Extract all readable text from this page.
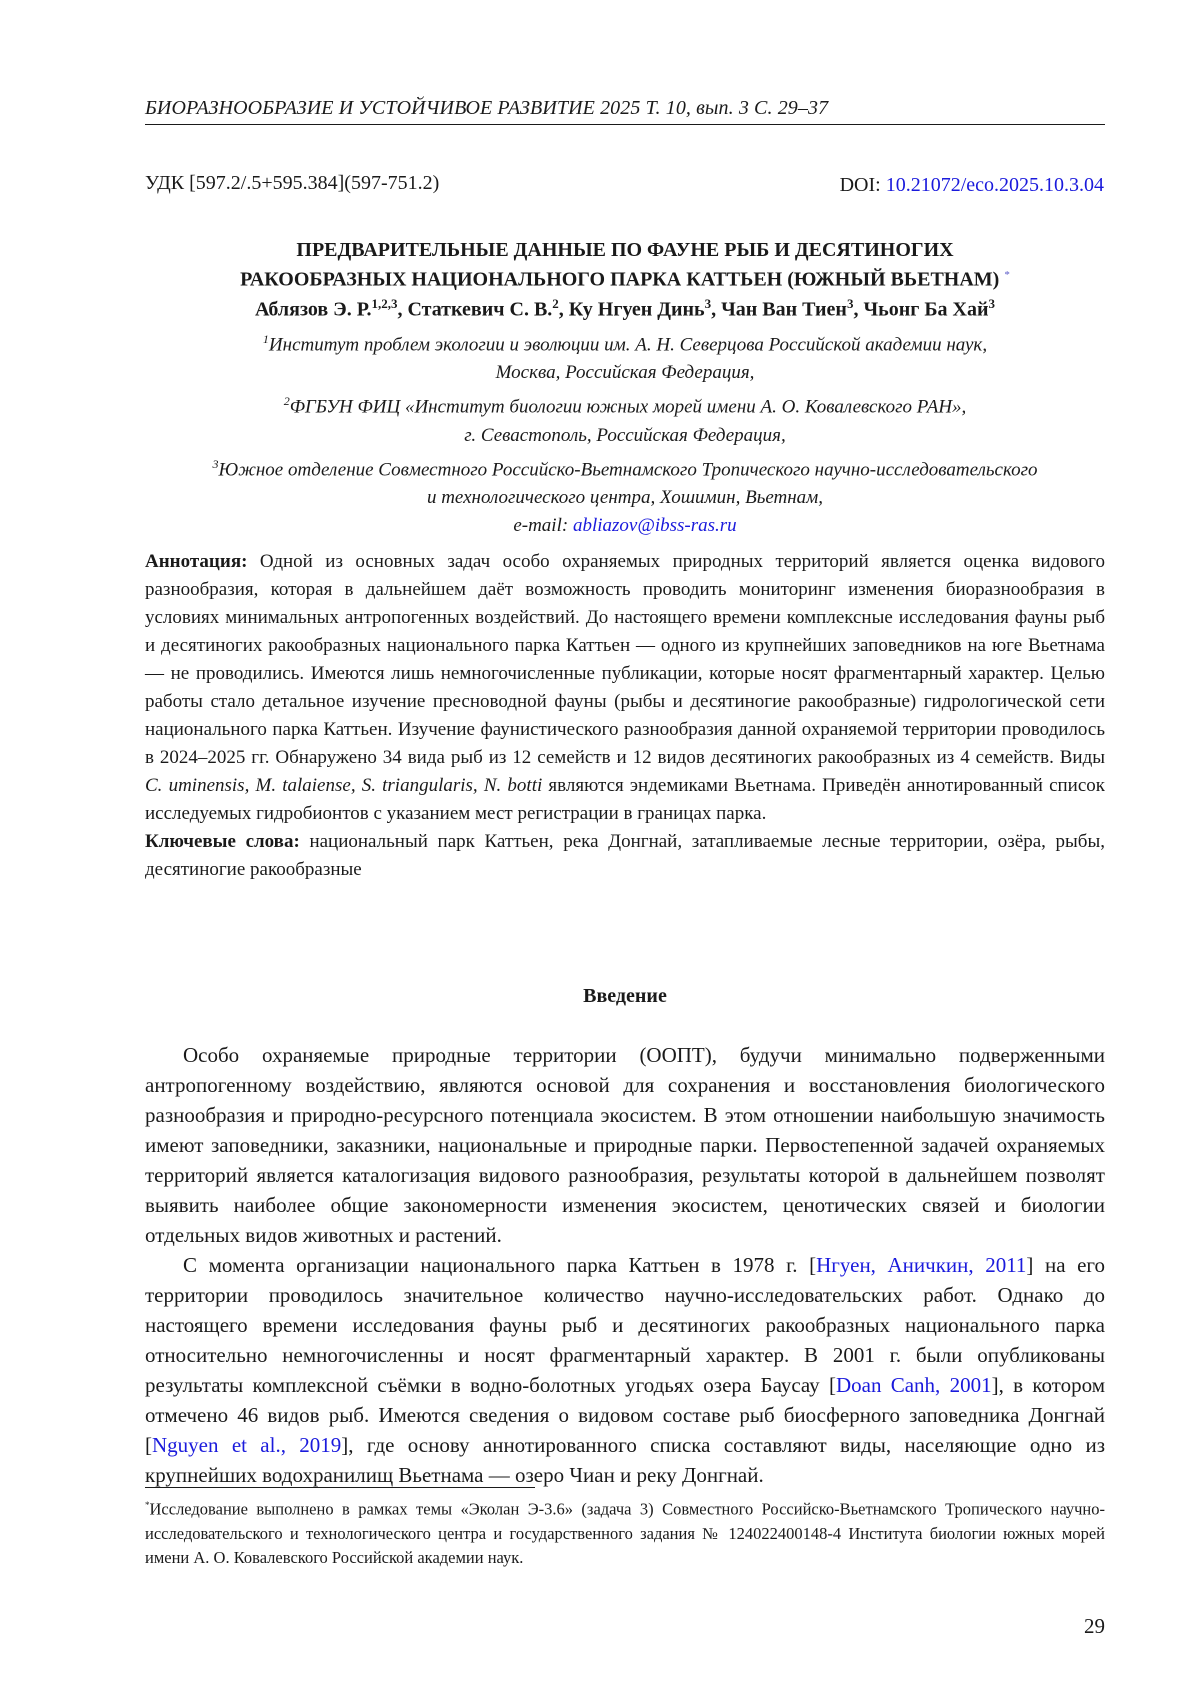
БИОРАЗНООБРАЗИЕ И УСТОЙЧИВОЕ РАЗВИТИЕ 2025 Т. 10, вып. 3 С. 29–37
УДК [597.2/.5+595.384](597-751.2)	DOI: 10.21072/eco.2025.10.3.04
ПРЕДВАРИТЕЛЬНЫЕ ДАННЫЕ ПО ФАУНЕ РЫБ И ДЕСЯТИНОГИХ
РАКООБРАЗНЫХ НАЦИОНАЛЬНОГО ПАРКА КАТТЬЕН (ЮЖНЫЙ ВЬЕТНАМ) *
Аблязов Э. Р.$^{1,2,3}$, Статкевич С. В.$^2$, Ку Нгуен Динь$^3$, Чан Ван Тиен$^3$, Чьонг Ба Хай$^3$
$^1$Институт проблем экологии и эволюции им. А. Н. Северцова Российской академии наук,
Москва, Российская Федерация,
$^2$ФГБУН ФИЦ «Институт биологии южных морей имени А. О. Ковалевского РАН»,
г. Севастополь, Российская Федерация,
$^3$Южное отделение Совместного Российско-Вьетнамского Тропического научно-исследовательского
и технологического центра, Хошимин, Вьетнам,
e-mail: abliazov@ibss-ras.ru

Аннотация: Одной из основных задач особо охраняемых природных территорий является оценка видового разнообразия, которая в дальнейшем даёт возможность проводить мониторинг изменения биоразнообразия в условиях минимальных антропогенных воздействий. До настоящего времени комплексные исследования фауны рыб и десятиногих ракообразных национального парка Каттьен — одного из крупнейших заповедников на юге Вьетнама — не проводились. Имеются лишь немногочисленные публикации, которые носят фрагментарный характер. Целью работы стало детальное изучение пресноводной фауны (рыбы и десятиногие ракообразные) гидрологической сети национального парка Каттьен. Изучение фаунистического разнообразия данной охраняемой территории проводилось в 2024–2025 гг. Обнаружено 34 вида рыб из 12 семейств и 12 видов десятиногих ракообразных из 4 семейств. Виды C. uminensis, M. talaiense, S. triangularis, N. botti являются эндемиками Вьетнама. Приведён аннотированный список исследуемых гидробионтов с указанием мест регистрации в границах парка.

Ключевые слова: национальный парк Каттьен, река Донгнай, затапливаемые лесные территории, озёра, рыбы, десятиногие ракообразные

Введение

Особо охраняемые природные территории (ООПТ), будучи минимально подверженными антропогенному воздействию, являются основой для сохранения и восстановления биологического разнообразия и природно-ресурсного потенциала экосистем. В этом отношении наибольшую значимость имеют заповедники, заказники, национальные и природные парки. Первостепенной задачей охраняемых территорий является каталогизация видового разнообразия, результаты которой в дальнейшем позволят выявить наиболее общие закономерности изменения экосистем, ценотических связей и биологии отдельных видов животных и растений.

С момента организации национального парка Каттьен в 1978 г. [Нгуен, Аничкин, 2011] на его территории проводилось значительное количество научно-исследовательских работ. Однако до настоящего времени исследования фауны рыб и десятиногих ракообразных национального парка относительно немногочисленны и носят фрагментарный характер. В 2001 г. были опубликованы результаты комплексной съёмки в водно-болотных угодьях озера Баусау [Doan Canh, 2001], в котором отмечено 46 видов рыб. Имеются сведения о видовом составе рыб биосферного заповедника Донгнай [Nguyen et al., 2019], где основу аннотированного списка составляют виды, населяющие одно из крупнейших водохранилищ Вьетнама — озеро Чиан и реку Донгнай.

*Исследование выполнено в рамках темы «Эколан Э-3.6» (задача 3) Совместного Российско-Вьетнамского Тропического научно-исследовательского и технологического центра и государственного задания № 124022400148-4 Института биологии южных морей имени А. О. Ковалевского Российской академии наук.
29
